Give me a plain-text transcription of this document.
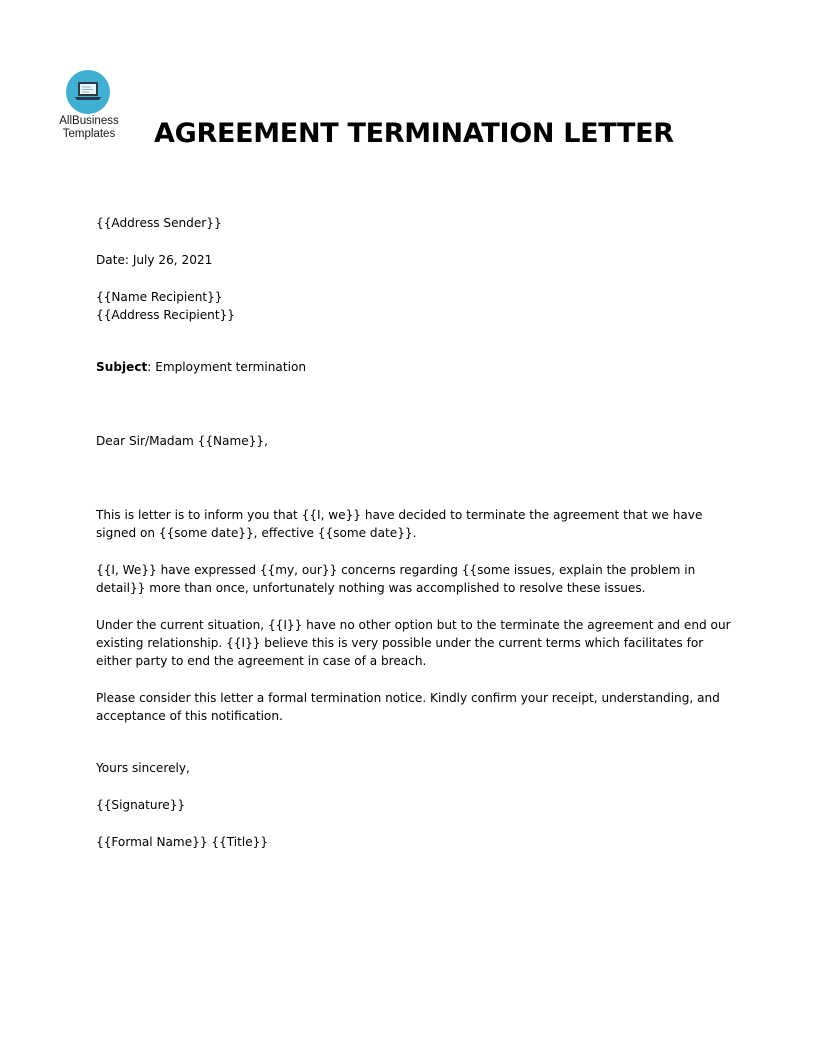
AllBusiness
Templates AGREEMENT TERMINATION LETTER

{{Address Sender}}

Date: July 26, 2021

{{Name Recipient}}

{{Address Recipient}}

Subject: Employment termination

Dear Sir/Madam {{Name}},

This is letter is to inform you that {{I, we}} have decided to terminate the agreement that we have signed on {{some date}}, effective {{some date}}.

{{I, We}} have expressed {{my, our}} concerns regarding {{some issues, explain the problem in detail}} more than once, unfortunately nothing was accomplished to resolve these issues.

Under the current situation, {{I}} have no other option but to the terminate the agreement and end our existing relationship. {{I}} believe this is very possible under the current terms which facilitates for either party to end the agreement in case of a breach.

Please consider this letter a formal termination notice. Kindly confirm your receipt, understanding, and acceptance of this notification.

Yours sincerely,

{{Signature}}

{{Formal Name}} {{Title}}
